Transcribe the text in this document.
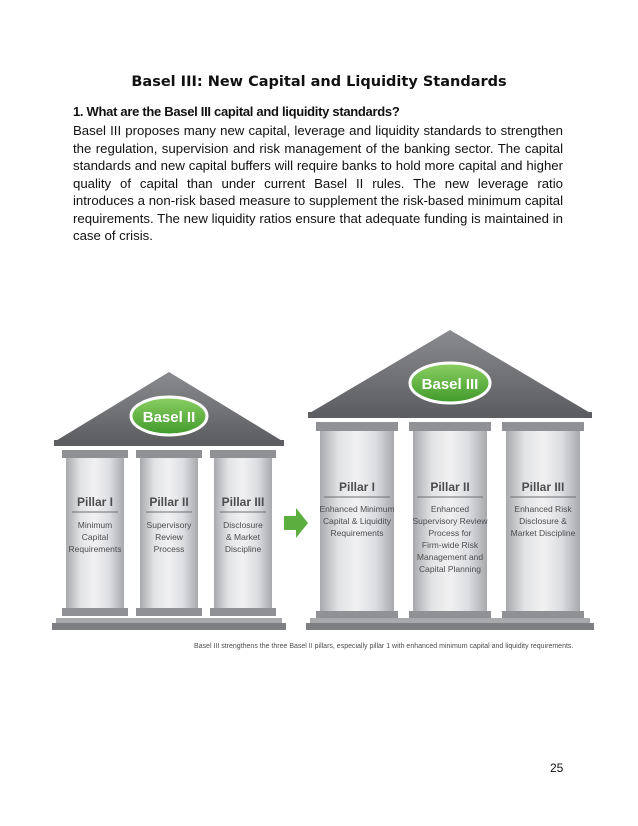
Basel III: New Capital and Liquidity Standards
1. What are the Basel III capital and liquidity standards?
Basel III proposes many new capital, leverage and liquidity standards to strengthen the regulation, supervision and risk management of the banking sector. The capital standards and new capital buffers will require banks to hold more capital and higher quality of capital than under current Basel II rules. The new leverage ratio introduces a non-risk based measure to supplement the risk-based minimum capital requirements. The new liquidity ratios ensure that adequate funding is maintained in case of crisis.
Basel II
Pillar I
Minimum
Capital
Requirements
Pillar II
Supervisory
Review
Process
Pillar III
Disclosure
& Market
Discipline
Basel III
Pillar I
Enhanced Minimum
Capital & Liquidity
Requirements
Pillar II
Enhanced
Supervisory Review
Process for
Firm-wide Risk
Management and
Capital Planning
Pillar III
Enhanced Risk
Disclosure &
Market Discipline
Basel III strengthens the three Basel II pillars, especially pillar 1 with enhanced minimum capital and liquidity requirements.
25
